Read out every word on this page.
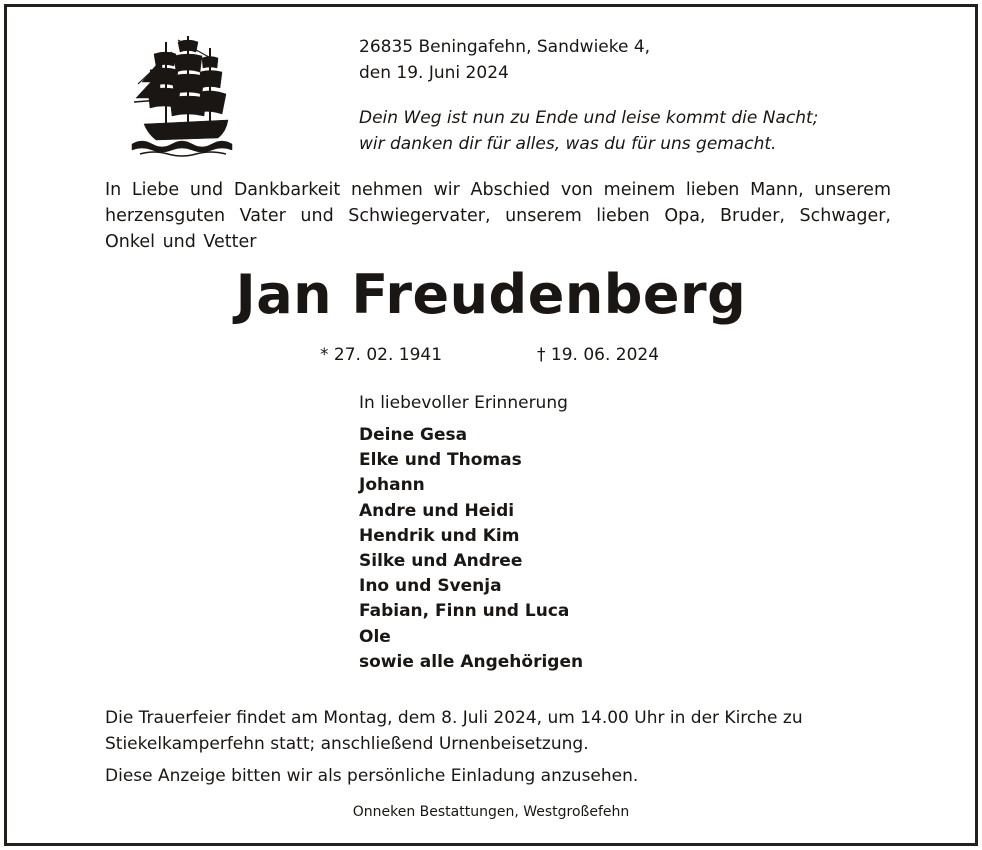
26835 Beningafehn, Sandwieke 4,
den 19. Juni 2024

Dein Weg ist nun zu Ende und leise kommt die Nacht;
wir danken dir für alles, was du für uns gemacht.

In Liebe und Dankbarkeit nehmen wir Abschied von meinem lieben Mann, unserem herzensguten Vater und Schwiegervater, unserem lieben Opa, Bruder, Schwager, Onkel und Vetter

Jan Freudenberg

* 27. 02. 1941	† 19. 06. 2024

In liebevoller Erinnerung

Deine Gesa
Elke und Thomas
Johann
Andre und Heidi
Hendrik und Kim
Silke und Andree
Ino und Svenja
Fabian, Finn und Luca
Ole
sowie alle Angehörigen

Die Trauerfeier findet am Montag, dem 8. Juli 2024, um 14.00 Uhr in der Kirche zu Stiekelkamperfehn statt; anschließend Urnenbeisetzung.

Diese Anzeige bitten wir als persönliche Einladung anzusehen.

Onneken Bestattungen, Westgroßefehn
